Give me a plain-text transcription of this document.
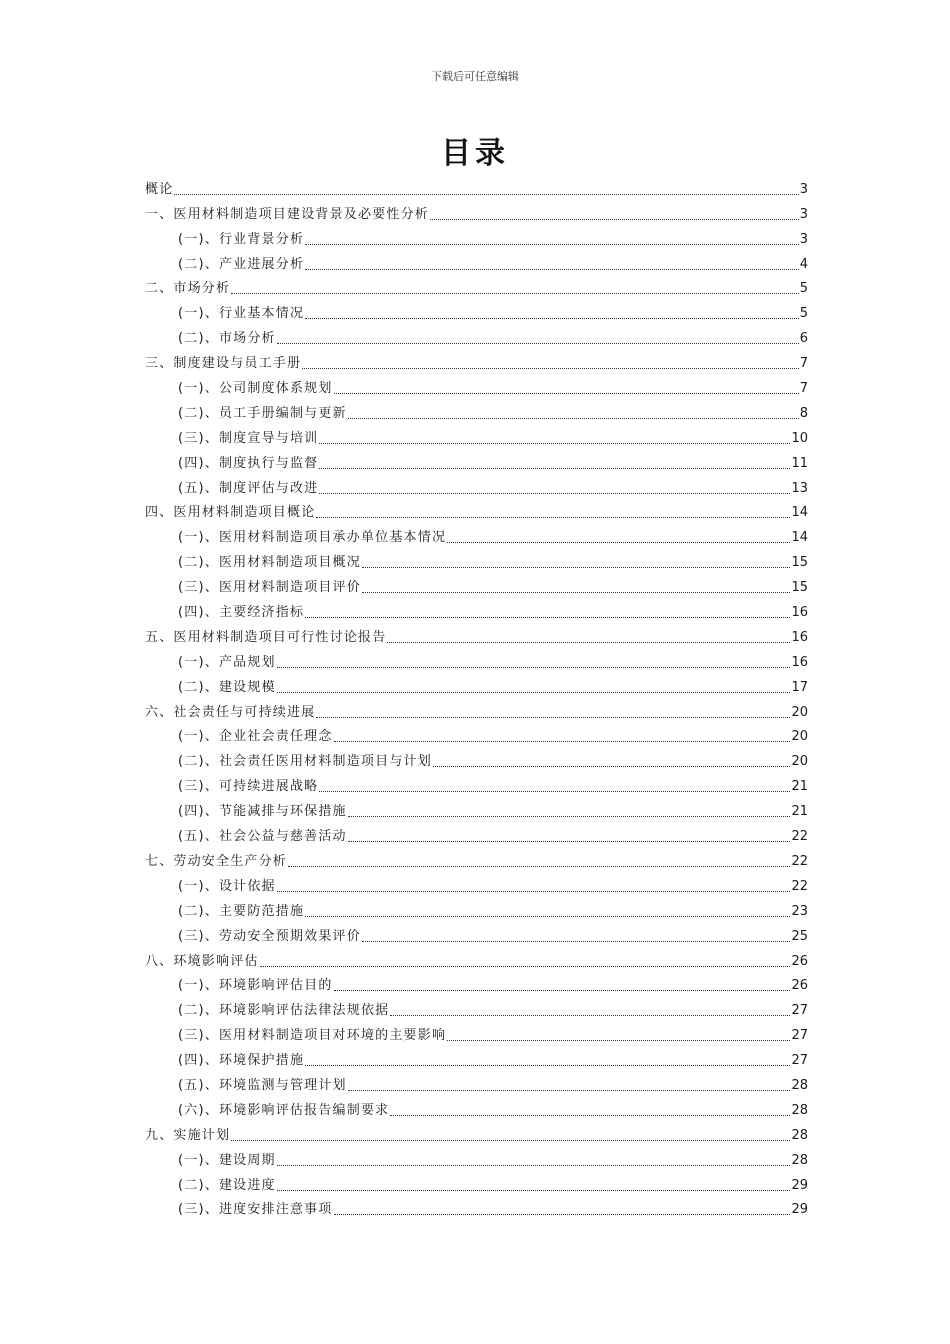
下载后可任意编辑
目录
概论	3
一、医用材料制造项目建设背景及必要性分析	3
(一)、行业背景分析	3
(二)、产业进展分析	4
二、市场分析	5
(一)、行业基本情况	5
(二)、市场分析	6
三、制度建设与员工手册	7
(一)、公司制度体系规划	7
(二)、员工手册编制与更新	8
(三)、制度宣导与培训	10
(四)、制度执行与监督	11
(五)、制度评估与改进	13
四、医用材料制造项目概论	14
(一)、医用材料制造项目承办单位基本情况	14
(二)、医用材料制造项目概况	15
(三)、医用材料制造项目评价	15
(四)、主要经济指标	16
五、医用材料制造项目可行性讨论报告	16
(一)、产品规划	16
(二)、建设规模	17
六、社会责任与可持续进展	20
(一)、企业社会责任理念	20
(二)、社会责任医用材料制造项目与计划	20
(三)、可持续进展战略	21
(四)、节能减排与环保措施	21
(五)、社会公益与慈善活动	22
七、劳动安全生产分析	22
(一)、设计依据	22
(二)、主要防范措施	23
(三)、劳动安全预期效果评价	25
八、环境影响评估	26
(一)、环境影响评估目的	26
(二)、环境影响评估法律法规依据	27
(三)、医用材料制造项目对环境的主要影响	27
(四)、环境保护措施	27
(五)、环境监测与管理计划	28
(六)、环境影响评估报告编制要求	28
九、实施计划	28
(一)、建设周期	28
(二)、建设进度	29
(三)、进度安排注意事项	29
